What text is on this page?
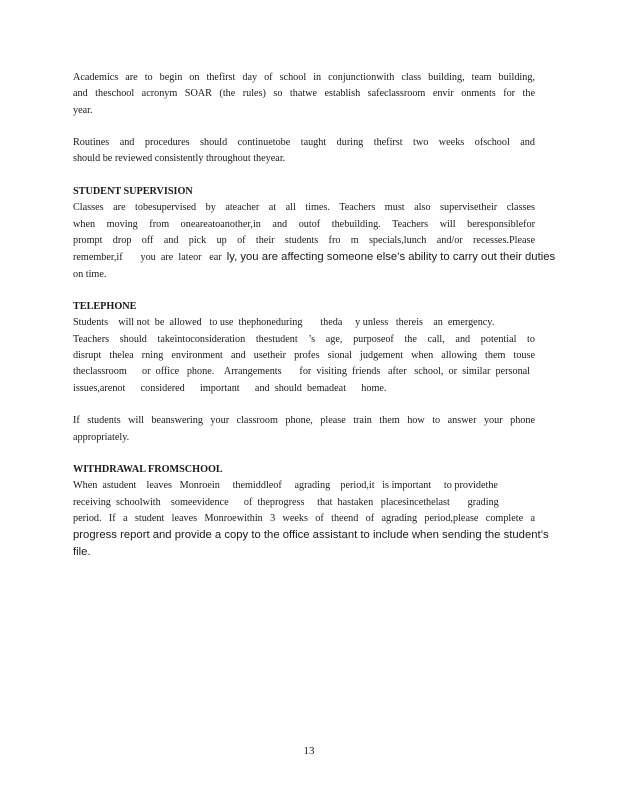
Academics are to begin on thefirst day of school in conjunctionwith class building, team building,
and theschool acronym SOAR (the rules) so thatwe establish safeclassroom envir onments for the
year.

Routines and procedures should continuetobe taught during thefirst two weeks ofschool and
should be reviewed consistently throughout theyear.

STUDENT SUPERVISION

Classes are tobesupervised by ateacher at all times. Teachers must also supervisetheir classes
when moving from oneareatoanother,in and outof thebuilding. Teachers will beresponsiblefor
prompt drop off and pick up of their students fro m specials,lunch and/or recesses.Please
remember,if       you  are  lateor   ear  ly, you are affecting someone else’s ability to carry out their duties
on time.

TELEPHONE

Students    will not  be  allowed   to use  thephoneduring       theda     y unless   thereis    an  emergency.
Teachers should takeintoconsideration thestudent ’s age, purposeof the call, and potential to
disrupt thelea rning environment and usetheir profes sional judgement when allowing them touse
theclassroom      or  office   phone.    Arrangements       for  visiting  friends   after   school,  or  similar  personal
issues,arenot      considered      important      and  should  bemadeat      home.

If students will beanswering your classroom phone, please train them how to answer your phone
appropriately.

WITHDRAWAL FROMSCHOOL

When  astudent    leaves   Monroein     themiddleof     agrading    period,it   is important     to providethe
receiving  schoolwith    someevidence      of  theprogress     that  hastaken   placesincethelast       grading
period. If a student leaves Monroewithin 3 weeks of theend of agrading period,please complete a
progress report and provide a copy to the office assistant to include when sending the student’s
file.

13
